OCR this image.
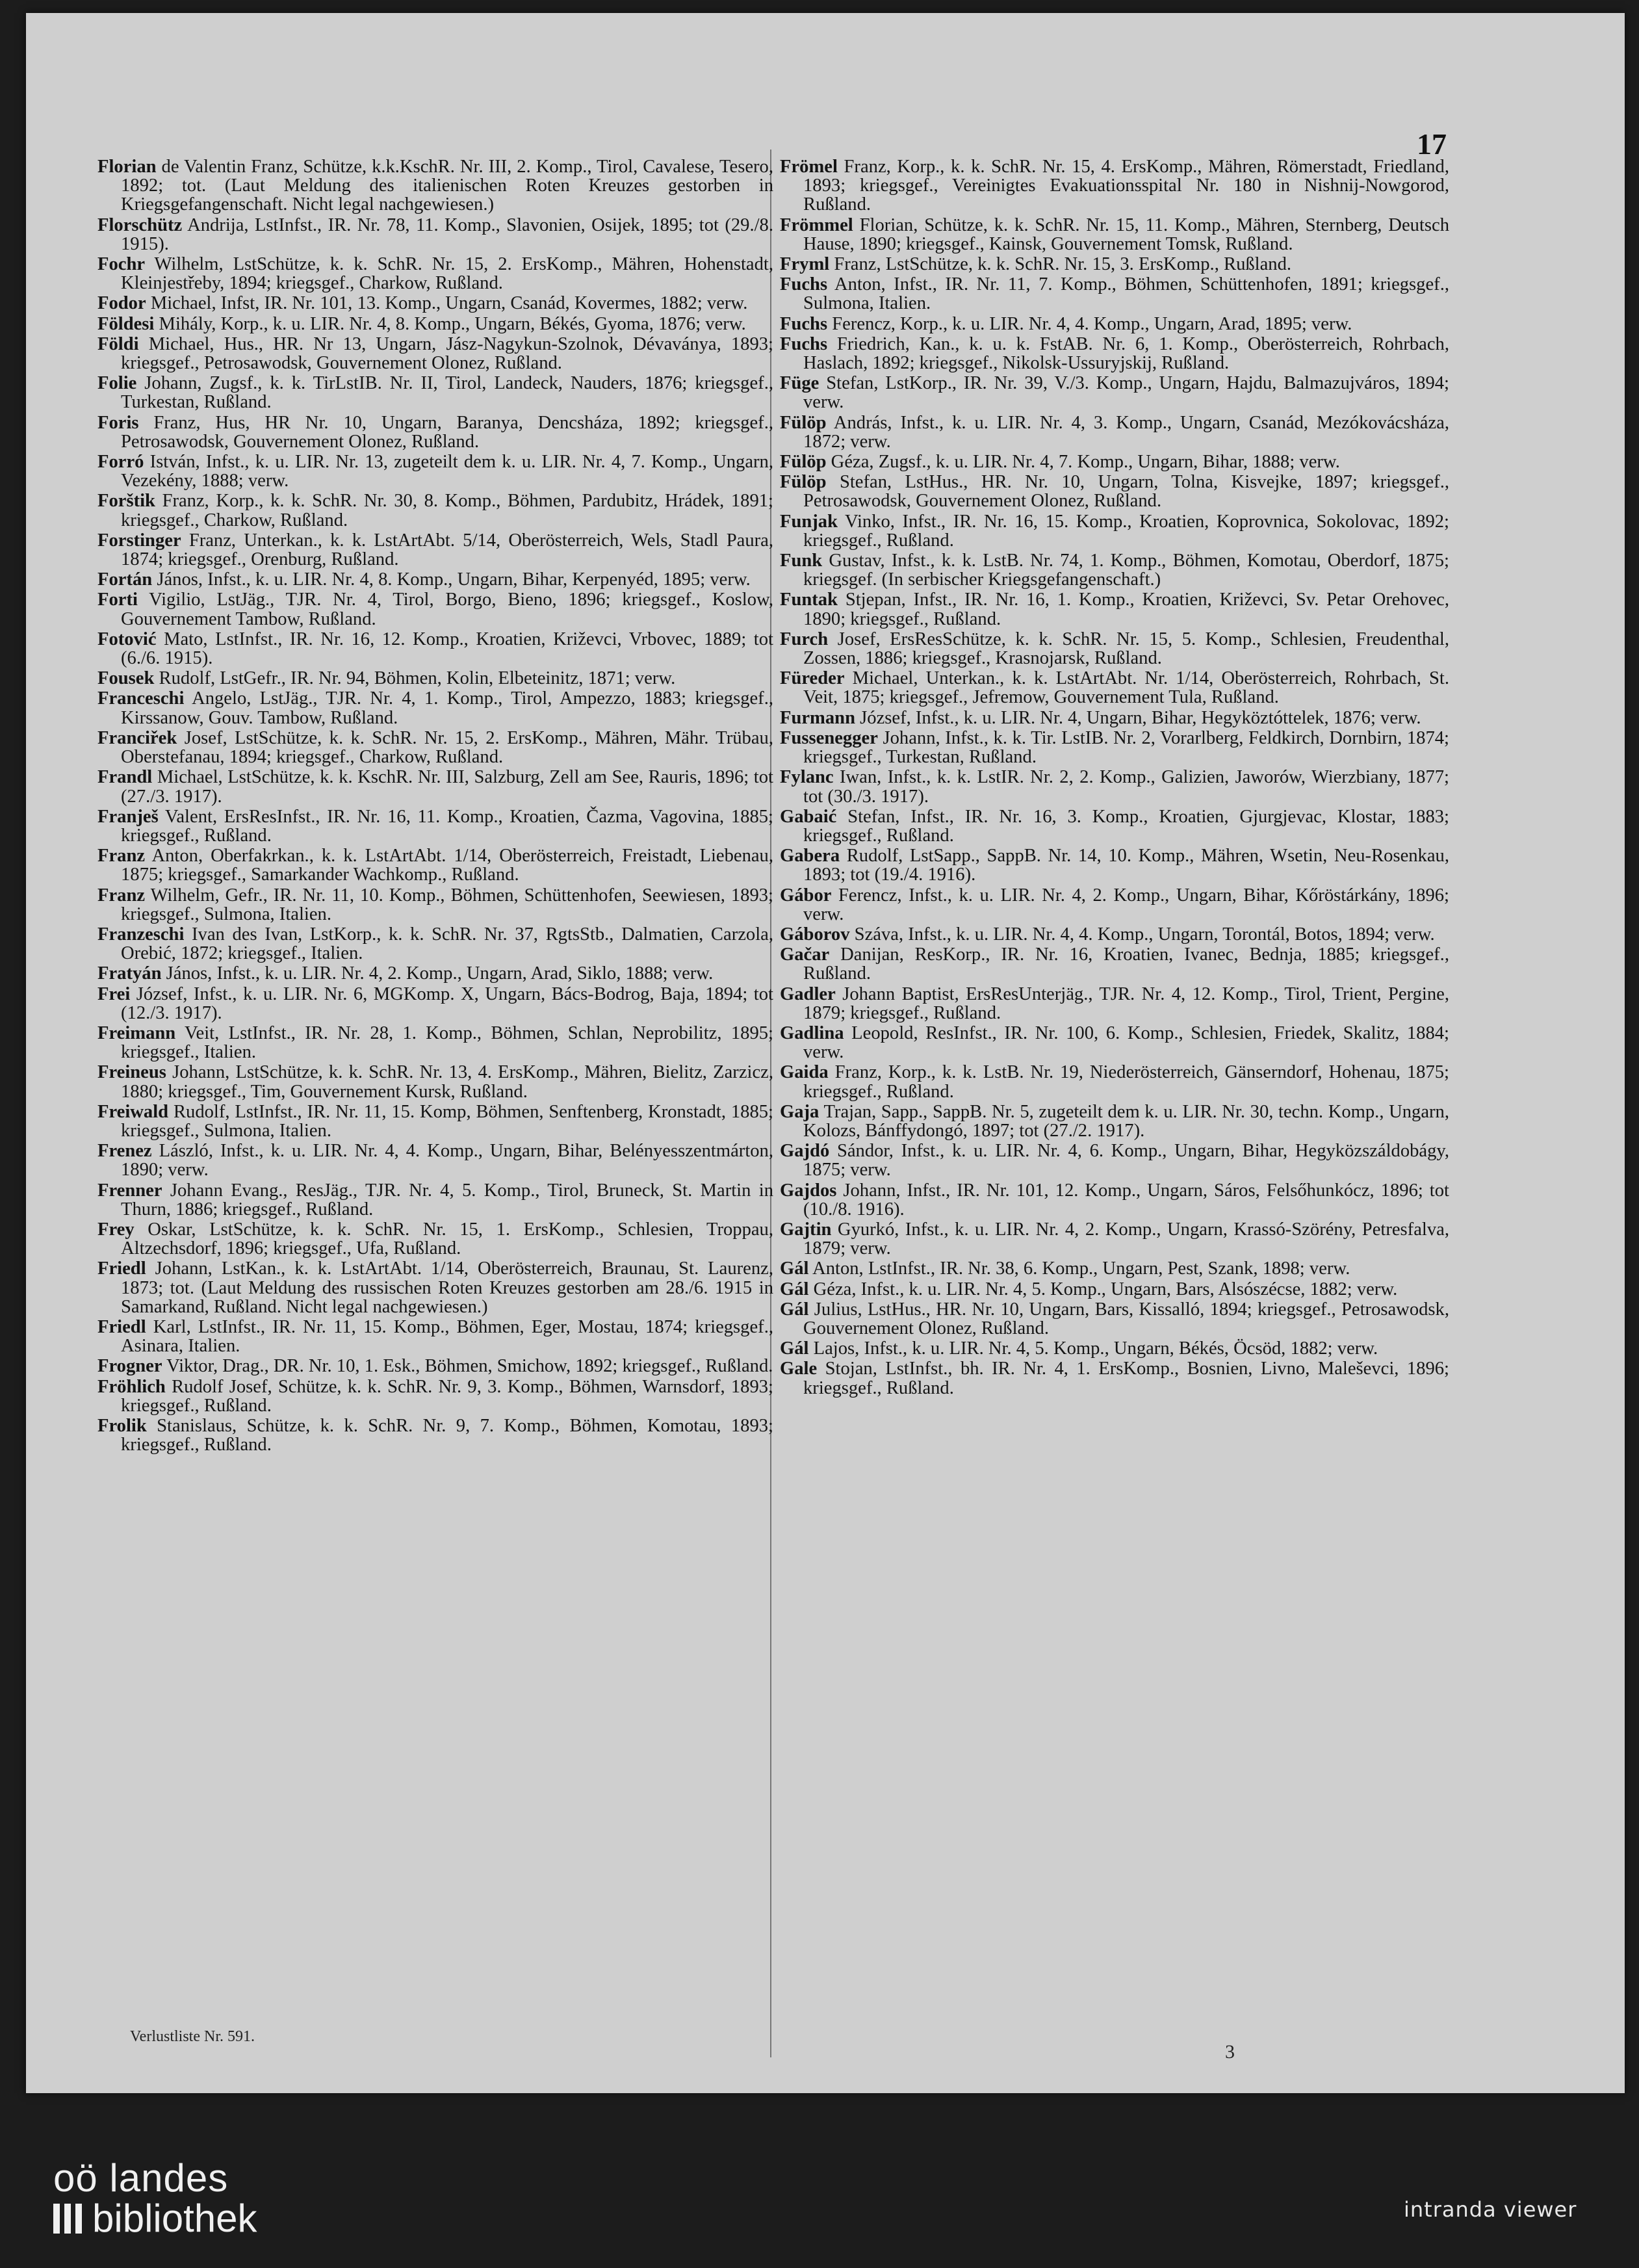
17

Florian de Valentin Franz, Schütze, k.k.KschR. Nr. III, 2. Komp., Tirol, Cavalese, Tesero, 1892; tot. (Laut Meldung des italienischen Roten Kreuzes gestorben in Kriegsgefangenschaft. Nicht legal nachgewiesen.)

Florschütz Andrija, LstInfst., IR. Nr. 78, 11. Komp., Slavonien, Osijek, 1895; tot (29./8. 1915).

Fochr Wilhelm, LstSchütze, k. k. SchR. Nr. 15, 2. ErsKomp., Mähren, Hohenstadt, Kleinjestřeby, 1894; kriegsgef., Charkow, Rußland.

Fodor Michael, Infst, IR. Nr. 101, 13. Komp., Ungarn, Csanád, Kovermes, 1882; verw.

Földesi Mihály, Korp., k. u. LIR. Nr. 4, 8. Komp., Ungarn, Békés, Gyoma, 1876; verw.

Földi Michael, Hus., HR. Nr 13, Ungarn, Jász-Nagykun-Szolnok, Dévaványa, 1893; kriegsgef., Petrosawodsk, Gouvernement Olonez, Rußland.

Folie Johann, Zugsf., k. k. TirLstIB. Nr. II, Tirol, Landeck, Nauders, 1876; kriegsgef., Turkestan, Rußland.

Foris Franz, Hus, HR Nr. 10, Ungarn, Baranya, Dencsháza, 1892; kriegsgef., Petrosawodsk, Gouvernement Olonez, Rußland.

Forró István, Infst., k. u. LIR. Nr. 13, zugeteilt dem k. u. LIR. Nr. 4, 7. Komp., Ungarn, Vezekény, 1888; verw.

Forštik Franz, Korp., k. k. SchR. Nr. 30, 8. Komp., Böhmen, Pardubitz, Hrádek, 1891; kriegsgef., Charkow, Rußland.

Forstinger Franz, Unterkan., k. k. LstArtAbt. 5/14, Oberösterreich, Wels, Stadl Paura, 1874; kriegsgef., Orenburg, Rußland.

Fortán János, Infst., k. u. LIR. Nr. 4, 8. Komp., Ungarn, Bihar, Kerpenyéd, 1895; verw.

Forti Vigilio, LstJäg., TJR. Nr. 4, Tirol, Borgo, Bieno, 1896; kriegsgef., Koslow, Gouvernement Tambow, Rußland.

Fotović Mato, LstInfst., IR. Nr. 16, 12. Komp., Kroatien, Križevci, Vrbovec, 1889; tot (6./6. 1915).

Fousek Rudolf, LstGefr., IR. Nr. 94, Böhmen, Kolin, Elbeteinitz, 1871; verw.

Franceschi Angelo, LstJäg., TJR. Nr. 4, 1. Komp., Tirol, Ampezzo, 1883; kriegsgef., Kirssanow, Gouv. Tambow, Rußland.

Franciřek Josef, LstSchütze, k. k. SchR. Nr. 15, 2. ErsKomp., Mähren, Mähr. Trübau, Oberstefanau, 1894; kriegsgef., Charkow, Rußland.

Frandl Michael, LstSchütze, k. k. KschR. Nr. III, Salzburg, Zell am See, Rauris, 1896; tot (27./3. 1917).

Franješ Valent, ErsResInfst., IR. Nr. 16, 11. Komp., Kroatien, Čazma, Vagovina, 1885; kriegsgef., Rußland.

Franz Anton, Oberfakrkan., k. k. LstArtAbt. 1/14, Oberösterreich, Freistadt, Liebenau, 1875; kriegsgef., Samarkander Wachkomp., Rußland.

Franz Wilhelm, Gefr., IR. Nr. 11, 10. Komp., Böhmen, Schüttenhofen, Seewiesen, 1893; kriegsgef., Sulmona, Italien.

Franzeschi Ivan des Ivan, LstKorp., k. k. SchR. Nr. 37, RgtsStb., Dalmatien, Carzola, Orebić, 1872; kriegsgef., Italien.

Fratyán János, Infst., k. u. LIR. Nr. 4, 2. Komp., Ungarn, Arad, Siklo, 1888; verw.

Frei József, Infst., k. u. LIR. Nr. 6, MGKomp. X, Ungarn, Bács-Bodrog, Baja, 1894; tot (12./3. 1917).

Freimann Veit, LstInfst., IR. Nr. 28, 1. Komp., Böhmen, Schlan, Neprobilitz, 1895; kriegsgef., Italien.

Freineus Johann, LstSchütze, k. k. SchR. Nr. 13, 4. ErsKomp., Mähren, Bielitz, Zarzicz, 1880; kriegsgef., Tim, Gouvernement Kursk, Rußland.

Freiwald Rudolf, LstInfst., IR. Nr. 11, 15. Komp, Böhmen, Senftenberg, Kronstadt, 1885; kriegsgef., Sulmona, Italien.

Frenez László, Infst., k. u. LIR. Nr. 4, 4. Komp., Ungarn, Bihar, Belényesszentmárton, 1890; verw.

Frenner Johann Evang., ResJäg., TJR. Nr. 4, 5. Komp., Tirol, Bruneck, St. Martin in Thurn, 1886; kriegsgef., Rußland.

Frey Oskar, LstSchütze, k. k. SchR. Nr. 15, 1. ErsKomp., Schlesien, Troppau, Altzechsdorf, 1896; kriegsgef., Ufa, Rußland.

Friedl Johann, LstKan., k. k. LstArtAbt. 1/14, Oberösterreich, Braunau, St. Laurenz, 1873; tot. (Laut Meldung des russischen Roten Kreuzes gestorben am 28./6. 1915 in Samarkand, Rußland. Nicht legal nachgewiesen.)

Friedl Karl, LstInfst., IR. Nr. 11, 15. Komp., Böhmen, Eger, Mostau, 1874; kriegsgef., Asinara, Italien.

Frogner Viktor, Drag., DR. Nr. 10, 1. Esk., Böhmen, Smichow, 1892; kriegsgef., Rußland.

Fröhlich Rudolf Josef, Schütze, k. k. SchR. Nr. 9, 3. Komp., Böhmen, Warnsdorf, 1893; kriegsgef., Rußland.

Frolik Stanislaus, Schütze, k. k. SchR. Nr. 9, 7. Komp., Böhmen, Komotau, 1893; kriegsgef., Rußland.

Frömel Franz, Korp., k. k. SchR. Nr. 15, 4. ErsKomp., Mähren, Römerstadt, Friedland, 1893; kriegsgef., Vereinigtes Evakuationsspital Nr. 180 in Nishnij-Nowgorod, Rußland.

Frömmel Florian, Schütze, k. k. SchR. Nr. 15, 11. Komp., Mähren, Sternberg, Deutsch Hause, 1890; kriegsgef., Kainsk, Gouvernement Tomsk, Rußland.

Fryml Franz, LstSchütze, k. k. SchR. Nr. 15, 3. ErsKomp., Rußland.

Fuchs Anton, Infst., IR. Nr. 11, 7. Komp., Böhmen, Schüttenhofen, 1891; kriegsgef., Sulmona, Italien.

Fuchs Ferencz, Korp., k. u. LIR. Nr. 4, 4. Komp., Ungarn, Arad, 1895; verw.

Fuchs Friedrich, Kan., k. u. k. FstAB. Nr. 6, 1. Komp., Oberösterreich, Rohrbach, Haslach, 1892; kriegsgef., Nikolsk-Ussuryjskij, Rußland.

Füge Stefan, LstKorp., IR. Nr. 39, V./3. Komp., Ungarn, Hajdu, Balmazujváros, 1894; verw.

Fülöp András, Infst., k. u. LIR. Nr. 4, 3. Komp., Ungarn, Csanád, Mezókovácsháza, 1872; verw.

Fülöp Géza, Zugsf., k. u. LIR. Nr. 4, 7. Komp., Ungarn, Bihar, 1888; verw.

Fülöp Stefan, LstHus., HR. Nr. 10, Ungarn, Tolna, Kisvejke, 1897; kriegsgef., Petrosawodsk, Gouvernement Olonez, Rußland.

Funjak Vinko, Infst., IR. Nr. 16, 15. Komp., Kroatien, Koprovnica, Sokolovac, 1892; kriegsgef., Rußland.

Funk Gustav, Infst., k. k. LstB. Nr. 74, 1. Komp., Böhmen, Komotau, Oberdorf, 1875; kriegsgef. (In serbischer Kriegsgefangenschaft.)

Funtak Stjepan, Infst., IR. Nr. 16, 1. Komp., Kroatien, Križevci, Sv. Petar Orehovec, 1890; kriegsgef., Rußland.

Furch Josef, ErsResSchütze, k. k. SchR. Nr. 15, 5. Komp., Schlesien, Freudenthal, Zossen, 1886; kriegsgef., Krasnojarsk, Rußland.

Füreder Michael, Unterkan., k. k. LstArtAbt. Nr. 1/14, Oberösterreich, Rohrbach, St. Veit, 1875; kriegsgef., Jefremow, Gouvernement Tula, Rußland.

Furmann József, Infst., k. u. LIR. Nr. 4, Ungarn, Bihar, Hegyköztóttelek, 1876; verw.

Fussenegger Johann, Infst., k. k. Tir. LstIB. Nr. 2, Vorarlberg, Feldkirch, Dornbirn, 1874; kriegsgef., Turkestan, Rußland.

Fylanc Iwan, Infst., k. k. LstIR. Nr. 2, 2. Komp., Galizien, Jaworów, Wierzbiany, 1877; tot (30./3. 1917).

Gabaić Stefan, Infst., IR. Nr. 16, 3. Komp., Kroatien, Gjurgjevac, Klostar, 1883; kriegsgef., Rußland.

Gabera Rudolf, LstSapp., SappB. Nr. 14, 10. Komp., Mähren, Wsetin, Neu-Rosenkau, 1893; tot (19./4. 1916).

Gábor Ferencz, Infst., k. u. LIR. Nr. 4, 2. Komp., Ungarn, Bihar, Kőröstárkány, 1896; verw.

Gáborov Száva, Infst., k. u. LIR. Nr. 4, 4. Komp., Ungarn, Torontál, Botos, 1894; verw.

Gačar Danijan, ResKorp., IR. Nr. 16, Kroatien, Ivanec, Bednja, 1885; kriegsgef., Rußland.

Gadler Johann Baptist, ErsResUnterjäg., TJR. Nr. 4, 12. Komp., Tirol, Trient, Pergine, 1879; kriegsgef., Rußland.

Gadlina Leopold, ResInfst., IR. Nr. 100, 6. Komp., Schlesien, Friedek, Skalitz, 1884; verw.

Gaida Franz, Korp., k. k. LstB. Nr. 19, Niederösterreich, Gänserndorf, Hohenau, 1875; kriegsgef., Rußland.

Gaja Trajan, Sapp., SappB. Nr. 5, zugeteilt dem k. u. LIR. Nr. 30, techn. Komp., Ungarn, Kolozs, Bánffydongó, 1897; tot (27./2. 1917).

Gajdó Sándor, Infst., k. u. LIR. Nr. 4, 6. Komp., Ungarn, Bihar, Hegyközszáldobágy, 1875; verw.

Gajdos Johann, Infst., IR. Nr. 101, 12. Komp., Ungarn, Sáros, Felsőhunkócz, 1896; tot (10./8. 1916).

Gajtin Gyurkó, Infst., k. u. LIR. Nr. 4, 2. Komp., Ungarn, Krassó-Szörény, Petresfalva, 1879; verw.

Gál Anton, LstInfst., IR. Nr. 38, 6. Komp., Ungarn, Pest, Szank, 1898; verw.

Gál Géza, Infst., k. u. LIR. Nr. 4, 5. Komp., Ungarn, Bars, Alsószécse, 1882; verw.

Gál Julius, LstHus., HR. Nr. 10, Ungarn, Bars, Kissalló, 1894; kriegsgef., Petrosawodsk, Gouvernement Olonez, Rußland.

Gál Lajos, Infst., k. u. LIR. Nr. 4, 5. Komp., Ungarn, Békés, Öcsöd, 1882; verw.

Gale Stojan, LstInfst., bh. IR. Nr. 4, 1. ErsKomp., Bosnien, Livno, Maleševci, 1896; kriegsgef., Rußland.

Verlustliste Nr. 591.
3
oö landes
bibliothek	intranda viewer
